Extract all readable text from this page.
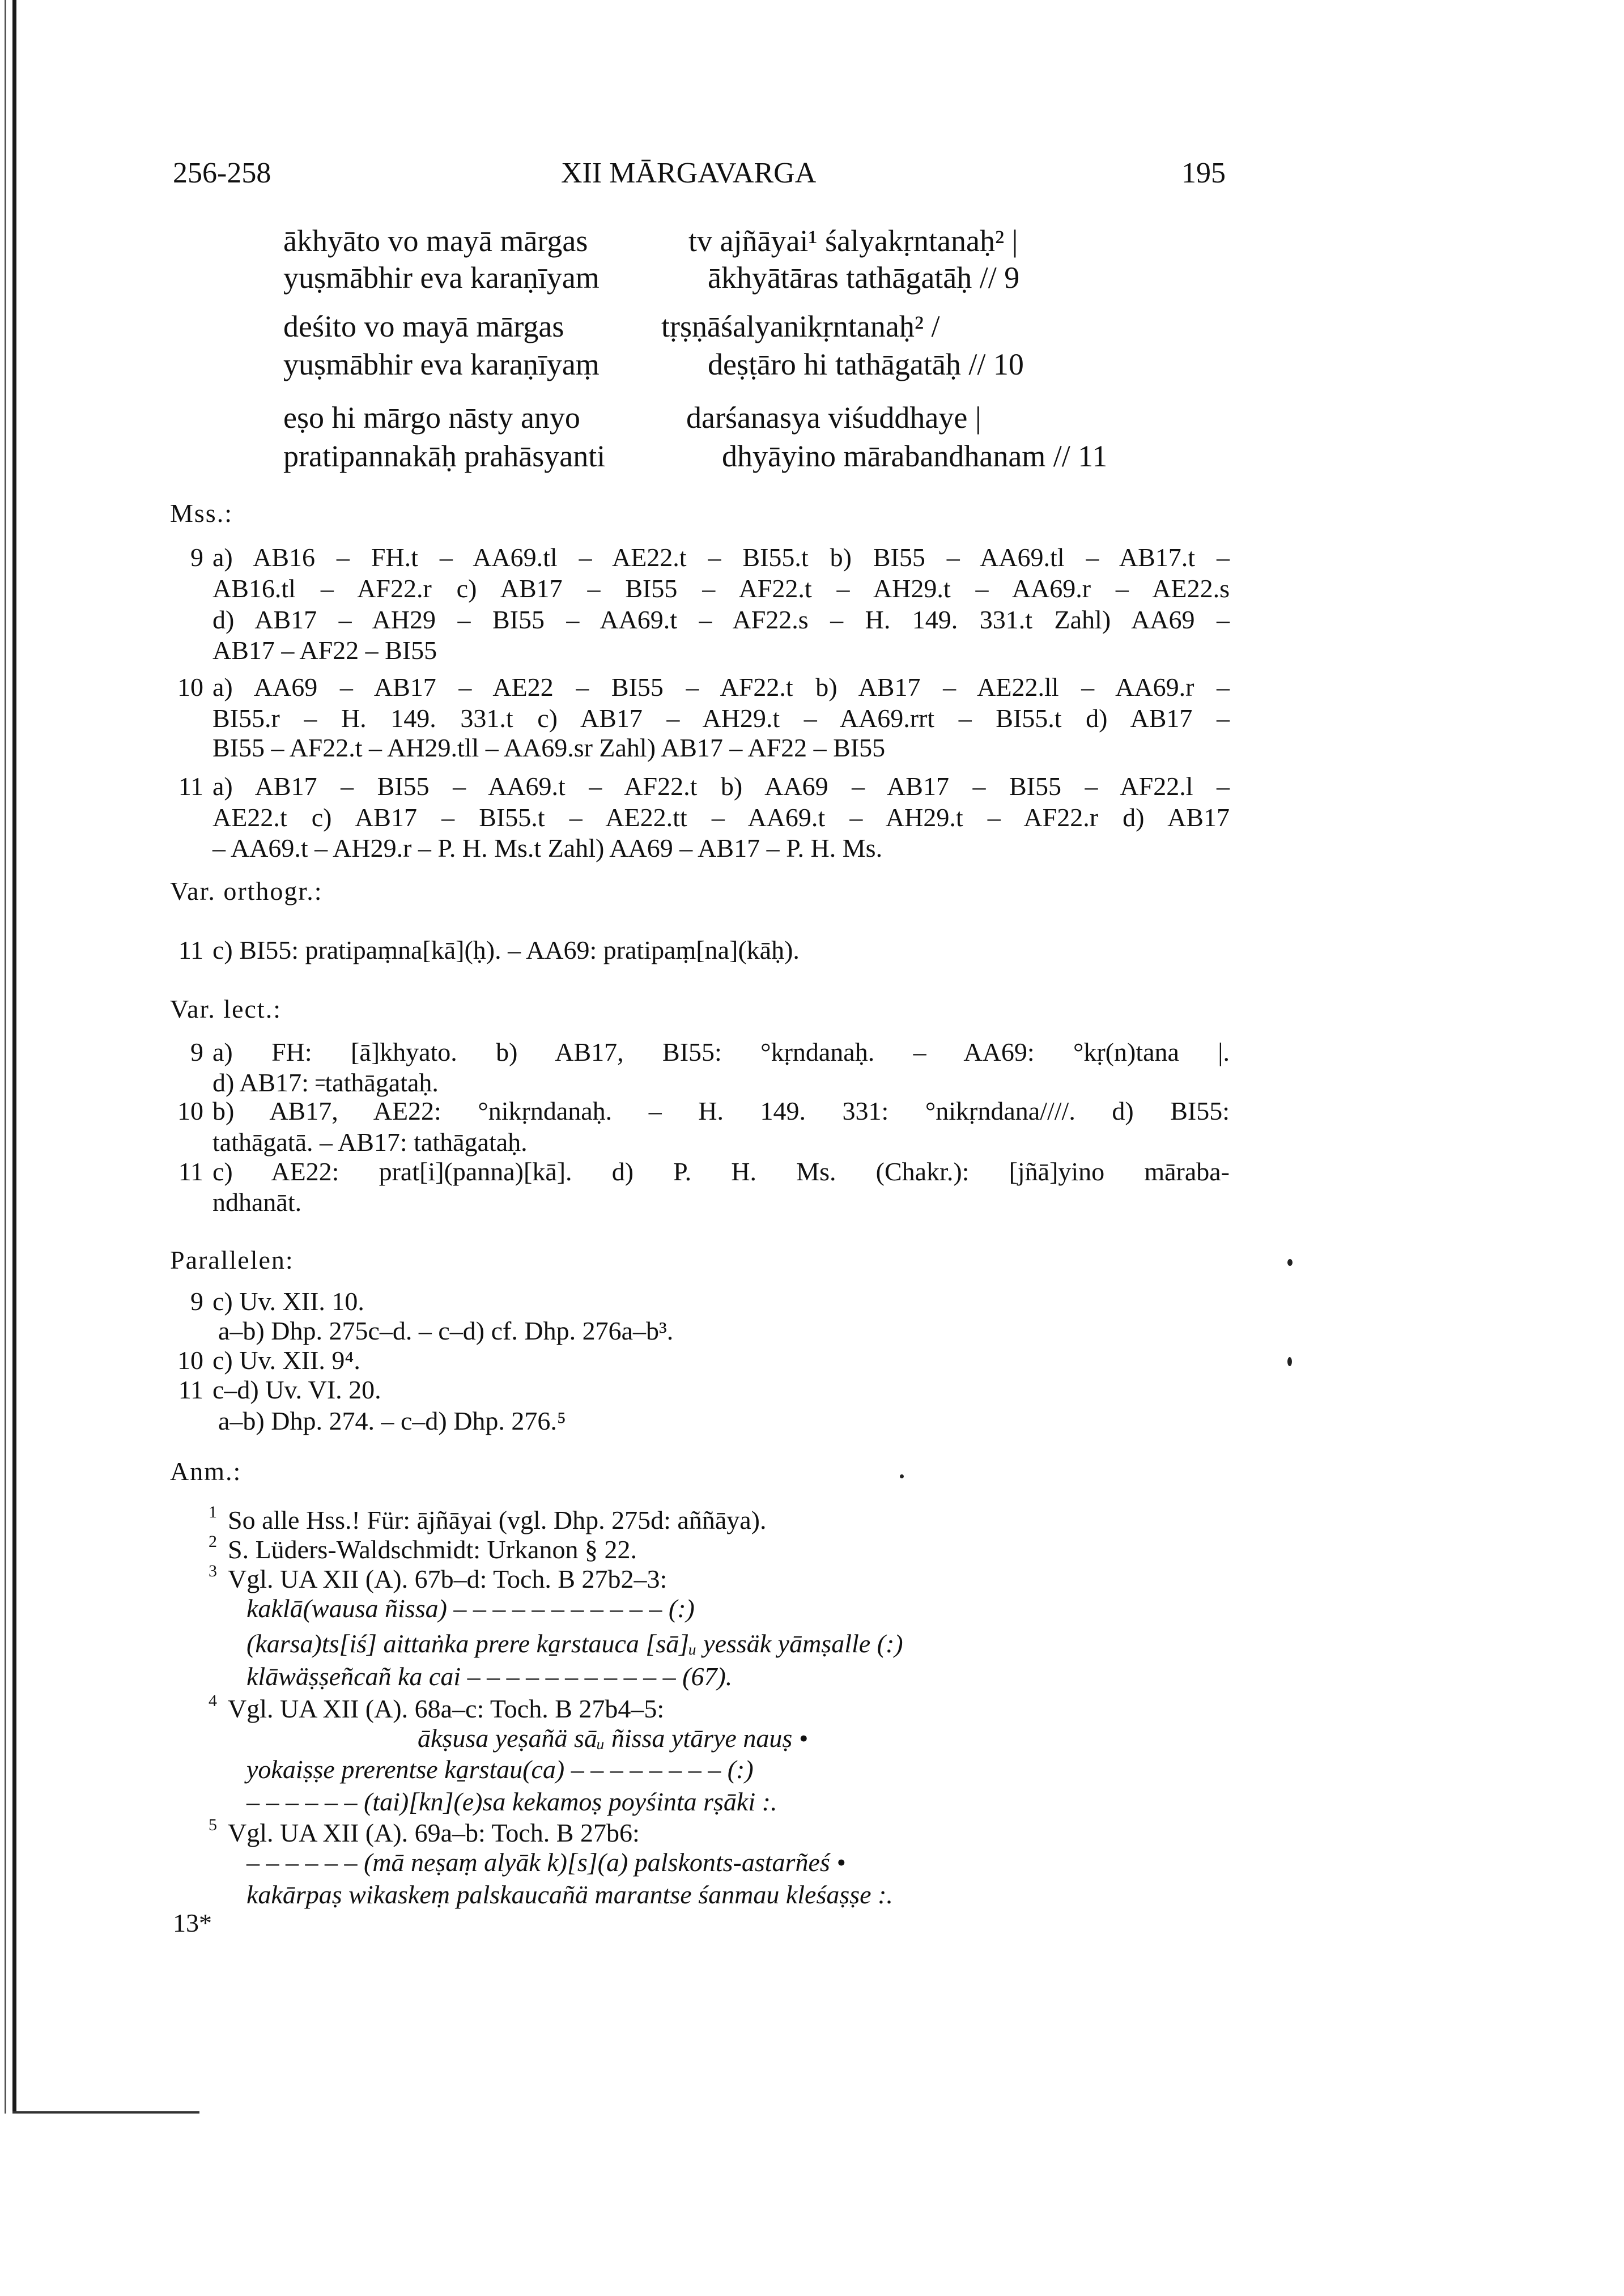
256-258	XII MĀRGAVARGA	195
ākhyāto vo mayā mārgas	tv ajñāyai¹ śalyakṛntanaḥ² |
yuṣmābhir eva karaṇīyam	ākhyātāras tathāgatāḥ // 9
deśito vo mayā mārgas	tṛṣṇāśalyanikṛntanaḥ² /
yuṣmābhir eva karaṇīyaṃ	deṣṭāro hi tathāgatāḥ // 10
eṣo hi mārgo nāsty anyo	darśanasya viśuddhaye |
pratipannakāḥ prahāsyanti	dhyāyino mārabandhanam // 11
Mss.:
9 a) AB16 – FH.t – AA69.tl – AE22.t – BI55.t b) BI55 – AA69.tl – AB17.t –
AB16.tl – AF22.r c) AB17 – BI55 – AF22.t – AH29.t – AA69.r – AE22.s
d) AB17 – AH29 – BI55 – AA69.t – AF22.s – H. 149. 331.t Zahl) AA69 –
AB17 – AF22 – BI55
10 a) AA69 – AB17 – AE22 – BI55 – AF22.t b) AB17 – AE22.ll – AA69.r –
BI55.r – H. 149. 331.t c) AB17 – AH29.t – AA69.rrt – BI55.t d) AB17 –
BI55 – AF22.t – AH29.tll – AA69.sr Zahl) AB17 – AF22 – BI55
11 a) AB17 – BI55 – AA69.t – AF22.t b) AA69 – AB17 – BI55 – AF22.l –
AE22.t c) AB17 – BI55.t – AE22.tt – AA69.t – AH29.t – AF22.r d) AB17
– AA69.t – AH29.r – P. H. Ms.t Zahl) AA69 – AB17 – P. H. Ms.
Var. orthogr.:
11 c) BI55: pratipaṃna[kā](ḥ). – AA69: pratipaṃ[na](kāḥ).
Var. lect.:
9 a) FH: [ā]khyato. b) AB17, BI55: °kṛndanaḥ. – AA69: °kṛ(n)tana |.
d) AB17: ꞊tathāgataḥ.
10 b) AB17, AE22: °nikṛndanaḥ. – H. 149. 331: °nikṛndana////. d) BI55:
tathāgatā. – AB17: tathāgataḥ.
11 c) AE22: prat[i](panna)[kā]. d) P. H. Ms. (Chakr.): [jñā]yino māraba-
ndhanāt.
Parallelen:
9 c) Uv. XII. 10.
a–b) Dhp. 275c–d. – c–d) cf. Dhp. 276a–b³.
10 c) Uv. XII. 9⁴.
11 c–d) Uv. VI. 20.
a–b) Dhp. 274. – c–d) Dhp. 276.⁵
Anm.:
1 So alle Hss.! Für: ājñāyai (vgl. Dhp. 275d: aññāya).
2 S. Lüders-Waldschmidt: Urkanon § 22.
3 Vgl. UA XII (A). 67b–d: Toch. B 27b2–3:
kaklā(wausa ñissa) – – – – – – – – – – – (:)
(karsa)ts[iś] aittaṅka prere ka̱rstauca [sā]ᵤ yessäk yāmṣalle (:)
klāwäṣṣeñcañ ka cai – – – – – – – – – – – (67).
4 Vgl. UA XII (A). 68a–c: Toch. B 27b4–5:
ākṣusa yeṣañä sāᵤ ñissa ytārye nauṣ •
yokaiṣṣe prerentse ka̱rstau(ca) – – – – – – – – (:)
– – – – – – (tai)[kn](e)sa kekamoṣ poyśinta rṣāki :.
5 Vgl. UA XII (A). 69a–b: Toch. B 27b6:
– – – – – – (mā neṣaṃ alyāk k)[s](a) palskonts-astarñeś •
kakārpaṣ wikaskeṃ palskaucañä marantse śanmau kleśaṣṣe :.
13*
